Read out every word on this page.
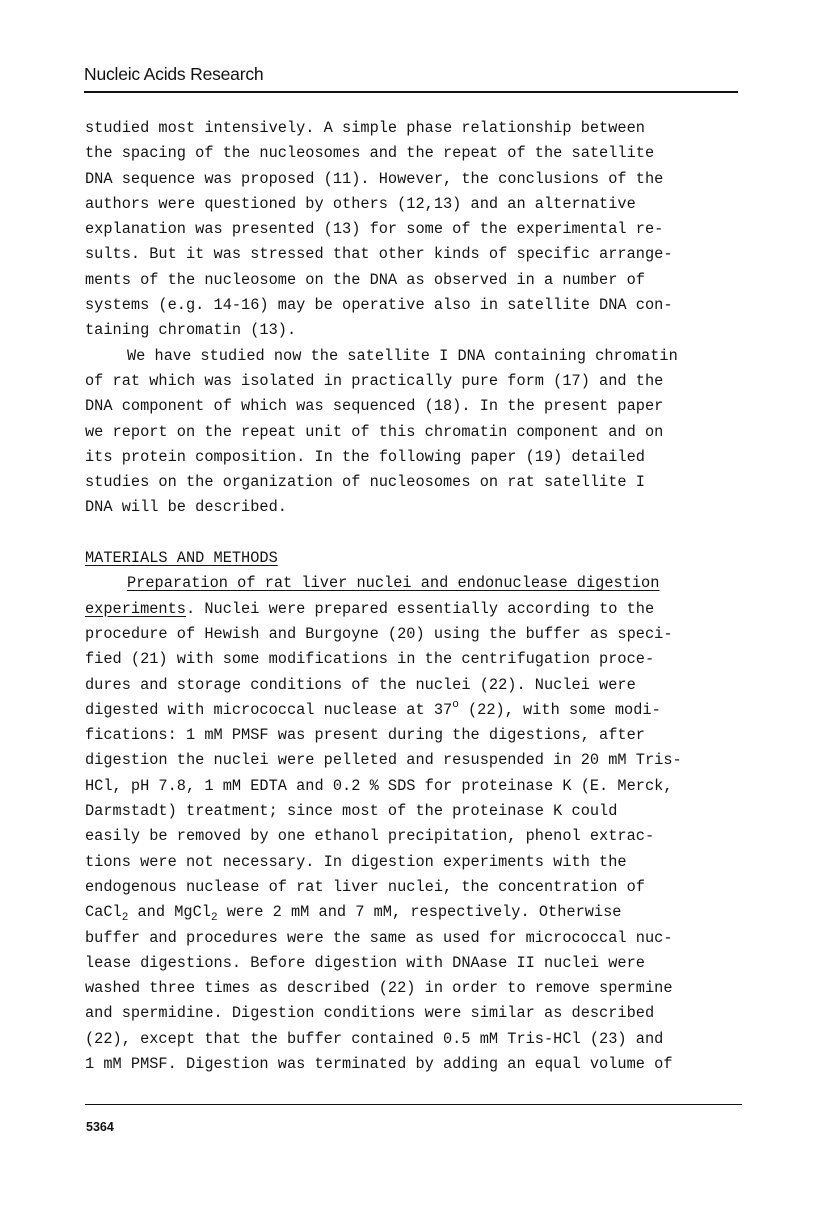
Nucleic Acids Research
studied most intensively. A simple phase relationship between
the spacing of the nucleosomes and the repeat of the satellite
DNA sequence was proposed (11). However, the conclusions of the
authors were questioned by others (12,13) and an alternative
explanation was presented (13) for some of the experimental re-
sults. But it was stressed that other kinds of specific arrange-
ments of the nucleosome on the DNA as observed in a number of
systems (e.g. 14-16) may be operative also in satellite DNA con-
taining chromatin (13).
We have studied now the satellite I DNA containing chromatin
of rat which was isolated in practically pure form (17) and the
DNA component of which was sequenced (18). In the present paper
we report on the repeat unit of this chromatin component and on
its protein composition. In the following paper (19) detailed
studies on the organization of nucleosomes on rat satellite I
DNA will be described.
MATERIALS AND METHODS
Preparation of rat liver nuclei and endonuclease digestion
experiments. Nuclei were prepared essentially according to the
procedure of Hewish and Burgoyne (20) using the buffer as speci-
fied (21) with some modifications in the centrifugation proce-
dures and storage conditions of the nuclei (22). Nuclei were
digested with micrococcal nuclease at 37$^o$ (22), with some modi-
fications: 1 mM PMSF was present during the digestions, after
digestion the nuclei were pelleted and resuspended in 20 mM Tris-
HCl, pH 7.8, 1 mM EDTA and 0.2 % SDS for proteinase K (E. Merck,
Darmstadt) treatment; since most of the proteinase K could
easily be removed by one ethanol precipitation, phenol extrac-
tions were not necessary. In digestion experiments with the
endogenous nuclease of rat liver nuclei, the concentration of
CaCl$_2$ and MgCl$_2$ were 2 mM and 7 mM, respectively. Otherwise
buffer and procedures were the same as used for micrococcal nuc-
lease digestions. Before digestion with DNAase II nuclei were
washed three times as described (22) in order to remove spermine
and spermidine. Digestion conditions were similar as described
(22), except that the buffer contained 0.5 mM Tris-HCl (23) and
1 mM PMSF. Digestion was terminated by adding an equal volume of
5364
